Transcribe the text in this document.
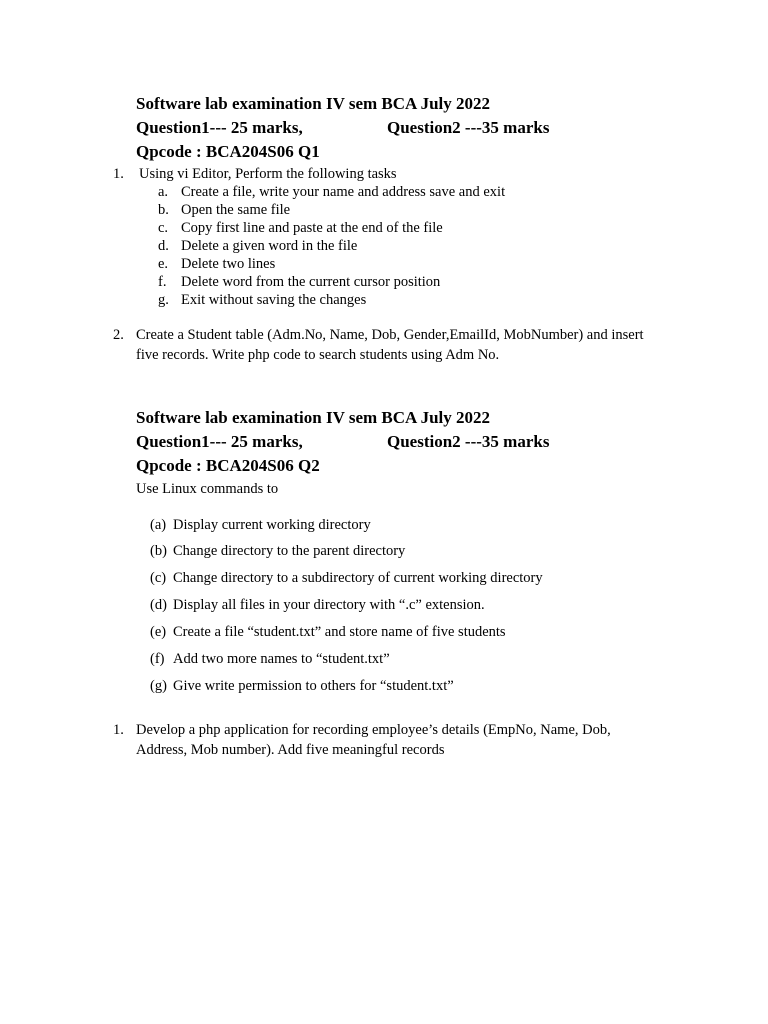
Software lab examination IV sem BCA July 2022
Question1--- 25 marks,	Question2 ---35 marks
Qpcode : BCA204S06 Q1
1. Using vi Editor, Perform the following tasks
a. Create a file, write your name and address save and exit
b. Open the same file
c. Copy first line and paste at the end of the file
d. Delete a given word in the file
e. Delete two lines
f. Delete word from the current cursor position
g. Exit without saving the changes
2. Create a Student table (Adm.No, Name, Dob, Gender,EmailId, MobNumber) and insert
five records. Write php code to search students using Adm No.
Software lab examination IV sem BCA July 2022
Question1--- 25 marks,	Question2 ---35 marks
Qpcode : BCA204S06 Q2
Use Linux commands to
(a) Display current working directory
(b) Change directory to the parent directory
(c) Change directory to a subdirectory of current working directory
(d) Display all files in your directory with “.c” extension.
(e) Create a file “student.txt” and store name of five students
(f) Add two more names to “student.txt”
(g) Give write permission to others for “student.txt”
1. Develop a php application for recording employee’s details (EmpNo, Name, Dob,
Address, Mob number). Add five meaningful records
